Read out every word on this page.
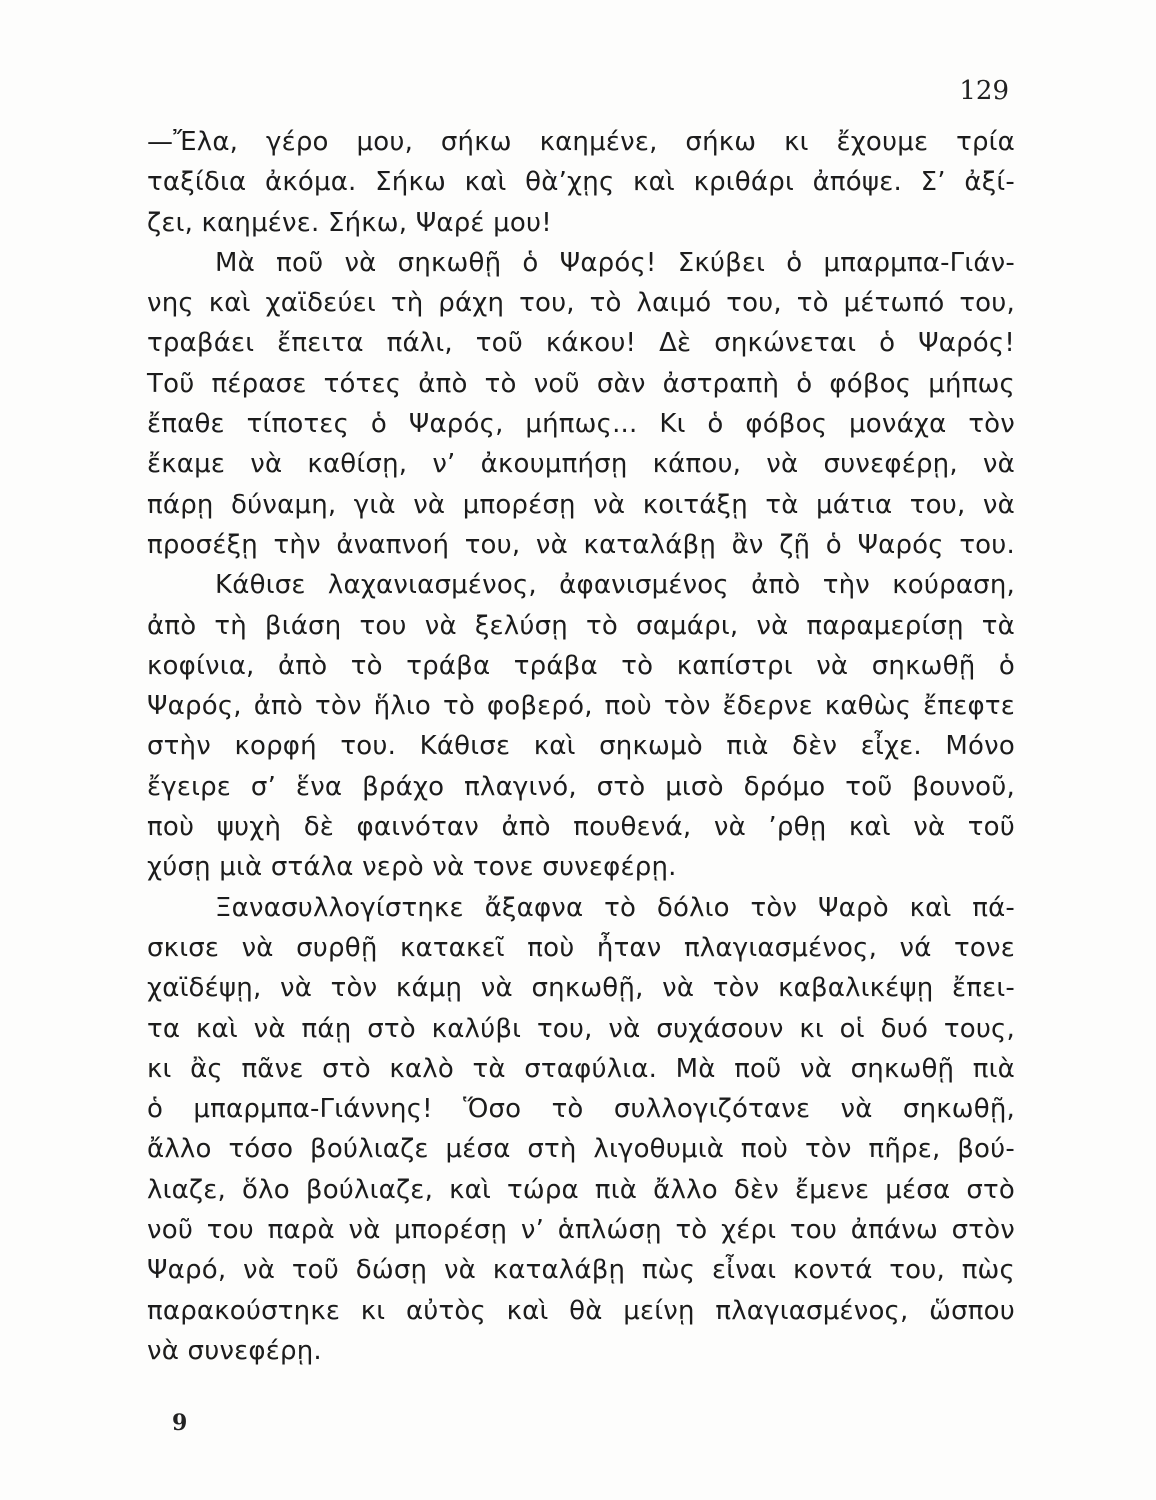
129
—Ἔλα, γέρο μου, σήκω καημένε, σήκω κι ἔχουμε τρία
ταξίδια ἀκόμα. Σήκω καὶ θὰ’χῃς καὶ κριθάρι ἀπόψε. Σ’ ἀξί-
ζει, καημένε. Σήκω, Ψαρέ μου!
Μὰ ποῦ νὰ σηκωθῇ ὁ Ψαρός! Σκύβει ὁ μπαρμπα-Γιάν-
νης καὶ χαϊδεύει τὴ ράχη του, τὸ λαιμό του, τὸ μέτωπό του,
τραβάει ἔπειτα πάλι, τοῦ κάκου! Δὲ σηκώνεται ὁ Ψαρός!
Τοῦ πέρασε τότες ἀπὸ τὸ νοῦ σὰν ἀστραπὴ ὁ φόβος μήπως
ἔπαθε τίποτες ὁ Ψαρός, μήπως... Κι ὁ φόβος μονάχα τὸν
ἔκαμε νὰ καθίσῃ, ν’ ἀκουμπήσῃ κάπου, νὰ συνεφέρῃ, νὰ
πάρῃ δύναμη, γιὰ νὰ μπορέσῃ νὰ κοιτάξῃ τὰ μάτια του, νὰ
προσέξῃ τὴν ἀναπνοή του, νὰ καταλάβῃ ἂν ζῇ ὁ Ψαρός του.
Κάθισε λαχανιασμένος, ἀφανισμένος ἀπὸ τὴν κούραση,
ἀπὸ τὴ βιάση του νὰ ξελύσῃ τὸ σαμάρι, νὰ παραμερίσῃ τὰ
κοφίνια, ἀπὸ τὸ τράβα τράβα τὸ καπίστρι νὰ σηκωθῇ ὁ
Ψαρός, ἀπὸ τὸν ἥλιο τὸ φοβερό, ποὺ τὸν ἔδερνε καθὼς ἔπεφτε
στὴν κορφή του. Κάθισε καὶ σηκωμὸ πιὰ δὲν εἶχε. Μόνο
ἔγειρε σ’ ἕνα βράχο πλαγινό, στὸ μισὸ δρόμο τοῦ βουνοῦ,
ποὺ ψυχὴ δὲ φαινόταν ἀπὸ πουθενά, νὰ ’ρθῃ καὶ νὰ τοῦ
χύσῃ μιὰ στάλα νερὸ νὰ τονε συνεφέρῃ.
Ξανασυλλογίστηκε ἄξαφνα τὸ δόλιο τὸν Ψαρὸ καὶ πά-
σκισε νὰ συρθῇ κατακεῖ ποὺ ἦταν πλαγιασμένος, νά τονε
χαϊδέψῃ, νὰ τὸν κάμῃ νὰ σηκωθῇ, νὰ τὸν καβαλικέψῃ ἔπει-
τα καὶ νὰ πάῃ στὸ καλύβι του, νὰ συχάσουν κι οἱ δυό τους,
κι ἂς πᾶνε στὸ καλὸ τὰ σταφύλια. Μὰ ποῦ νὰ σηκωθῇ πιὰ
ὁ μπαρμπα-Γιάννης! Ὅσο τὸ συλλογιζότανε νὰ σηκωθῇ,
ἄλλο τόσο βούλιαζε μέσα στὴ λιγοθυμιὰ ποὺ τὸν πῆρε, βού-
λιαζε, ὅλο βούλιαζε, καὶ τώρα πιὰ ἄλλο δὲν ἔμενε μέσα στὸ
νοῦ του παρὰ νὰ μπορέσῃ ν’ ἁπλώσῃ τὸ χέρι του ἀπάνω στὸν
Ψαρό, νὰ τοῦ δώσῃ νὰ καταλάβῃ πὼς εἶναι κοντά του, πὼς
παρακούστηκε κι αὐτὸς καὶ θὰ μείνῃ πλαγιασμένος, ὥσπου
νὰ συνεφέρῃ.
9
